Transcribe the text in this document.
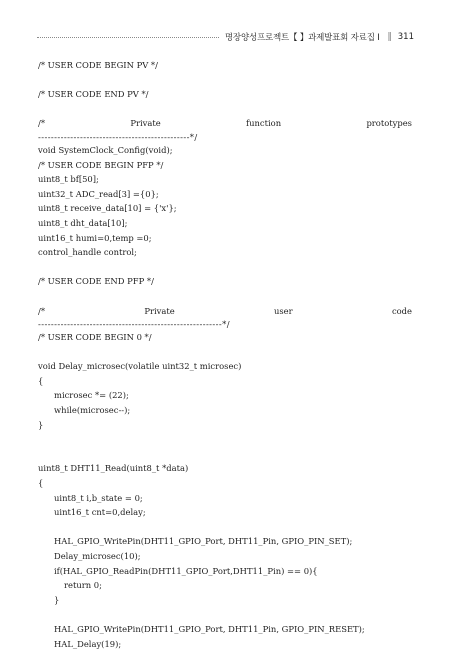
명장양성프로젝트【 】과제발표회 자료집 Ⅰ ‖ 311
/* USER CODE BEGIN PV */
/* USER CODE END PV */
/*	Private	function	prototypes
-----------------------------------------------*/
void SystemClock_Config(void);
/* USER CODE BEGIN PFP */
uint8_t bf[50];
uint32_t ADC_read[3] ={0};
uint8_t receive_data[10] = {'x'};
uint8_t dht_data[10];
uint16_t humi=0,temp =0;
control_handle control;
/* USER CODE END PFP */
/*	Private	user	code
---------------------------------------------------------*/
/* USER CODE BEGIN 0 */
void Delay_microsec(volatile uint32_t microsec)
{
microsec *= (22);
while(microsec--);
}
uint8_t DHT11_Read(uint8_t *data)
{
uint8_t i,b_state = 0;
uint16_t cnt=0,delay;
HAL_GPIO_WritePin(DHT11_GPIO_Port, DHT11_Pin, GPIO_PIN_SET);
Delay_microsec(10);
if(HAL_GPIO_ReadPin(DHT11_GPIO_Port,DHT11_Pin) == 0){
return 0;
}
HAL_GPIO_WritePin(DHT11_GPIO_Port, DHT11_Pin, GPIO_PIN_RESET);
HAL_Delay(19);
